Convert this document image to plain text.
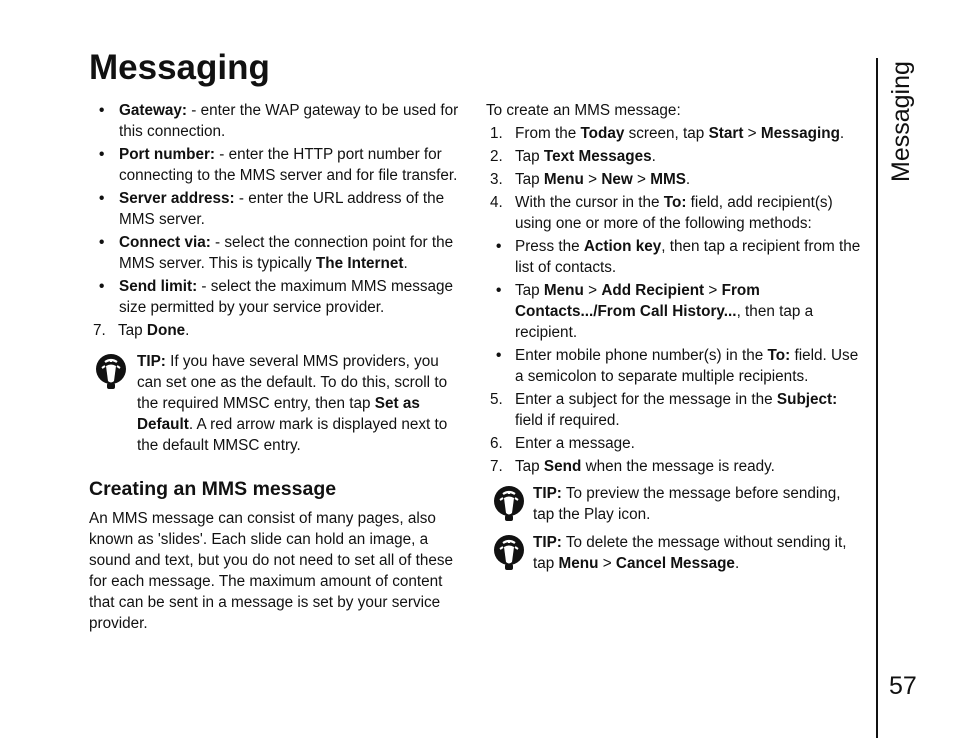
Messaging	Messaging
57
• Gateway: - enter the WAP gateway to be used for this connection.
• Port number: - enter the HTTP port number for connecting to the MMS server and for file transfer.
• Server address: - enter the URL address of the MMS server.
• Connect via: - select the connection point for the MMS server. This is typically The Internet.
• Send limit: - select the maximum MMS message size permitted by your service provider.
7. Tap Done.
TIP: If you have several MMS providers, you can set one as the default. To do this, scroll to the required MMSC entry, then tap Set as Default. A red arrow mark is displayed next to the default MMSC entry.
Creating an MMS message

An MMS message can consist of many pages, also known as 'slides'. Each slide can hold an image, a sound and text, but you do not need to set all of these for each message. The maximum amount of content that can be sent in a message is set by your service provider.

To create an MMS message:

1. From the Today screen, tap Start > Messaging.
2. Tap Text Messages.
3. Tap Menu > New > MMS.
4. With the cursor in the To: field, add recipient(s) using one or more of the following methods:
• Press the Action key, then tap a recipient from the list of contacts.
• Tap Menu > Add Recipient > From Contacts.../From Call History..., then tap a recipient.
• Enter mobile phone number(s) in the To: field. Use a semicolon to separate multiple recipients.
5. Enter a subject for the message in the Subject: field if required.
6. Enter a message.
7. Tap Send when the message is ready.
TIP: To preview the message before sending, tap the Play icon.
TIP: To delete the message without sending it, tap Menu > Cancel Message.
